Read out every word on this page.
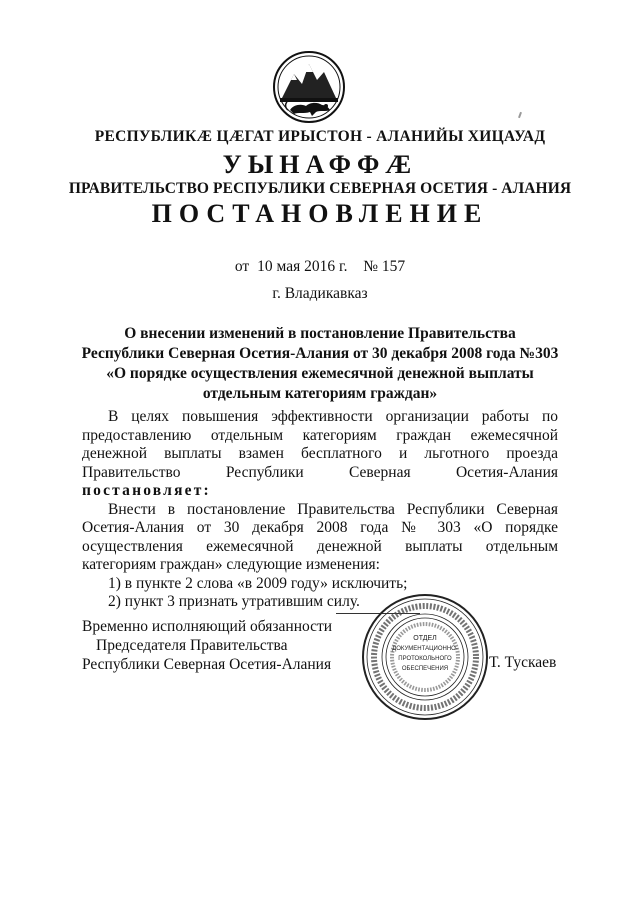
РЕСПУБЛИКӔ ЦӔГАТ ИРЫСТОН - АЛАНИЙЫ ХИЦАУАД
УЫНАФФӔ
ПРАВИТЕЛЬСТВО РЕСПУБЛИКИ СЕВЕРНАЯ ОСЕТИЯ - АЛАНИЯ
ПОСТАНОВЛЕНИЕ
от 10 мая 2016 г. № 157
г. Владикавказ
О внесении изменений в постановление Правительства
Республики Северная Осетия-Алания от 30 декабря 2008 года №303
«О порядке осуществления ежемесячной денежной выплаты
отдельным категориям граждан»

В целях повышения эффективности организации работы по предоставлению отдельным категориям граждан ежемесячной денежной выплаты взамен бесплатного и льготного проезда Правительство Республики Северная Осетия-Алания постановляет:

Внести в постановление Правительства Республики Северная Осетия-Алания от 30 декабря 2008 года № 303 «О порядке осуществления ежемесячной денежной выплаты отдельным категориям граждан» следующие изменения:

1) в пункте 2 слова «в 2009 году» исключить;

2) пункт 3 признать утратившим силу.

Временно исполняющий обязанности
Председателя Правительства
Республики Северная Осетия-Алания	Т. Тускаев
ОТДЕЛ
ДОКУМЕНТАЦИОННО-
ПРОТОКОЛЬНОГО
ОБЕСПЕЧЕНИЯ
